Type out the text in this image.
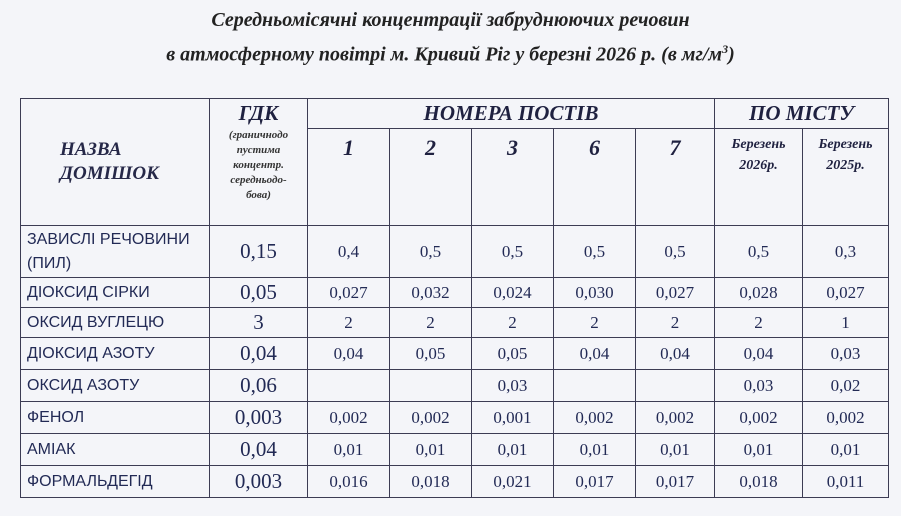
Середньомісячні концентрації забруднюючих речовин
в атмосферному повітрі м. Кривий Ріг у березні 2026 р. (в $мг/м^3$)
НАЗВА ДОМІШОК	ГДК
(граничнодо пустима концентр. середньодо- бова)	НОМЕРА ПОСТІВ					ПО МІСТУ	
		1	2	3	6	7	Березень 2026р.	Березень 2025р.

ЗАВИСЛІ РЕЧОВИНИ (ПИЛ)	0,15	0,4	0,5	0,5	0,5	0,5	0,5	0,3
ДІОКСИД СІРКИ	0,05	0,027	0,032	0,024	0,030	0,027	0,028	0,027
ОКСИД ВУГЛЕЦЮ	3	2	2	2	2	2	2	1
ДІОКСИД АЗОТУ	0,04	0,04	0,05	0,05	0,04	0,04	0,04	0,03
ОКСИД АЗОТУ	0,06			0,03			0,03	0,02
ФЕНОЛ	0,003	0,002	0,002	0,001	0,002	0,002	0,002	0,002
АМІАК	0,04	0,01	0,01	0,01	0,01	0,01	0,01	0,01
ФОРМАЛЬДЕГІД	0,003	0,016	0,018	0,021	0,017	0,017	0,018	0,011
